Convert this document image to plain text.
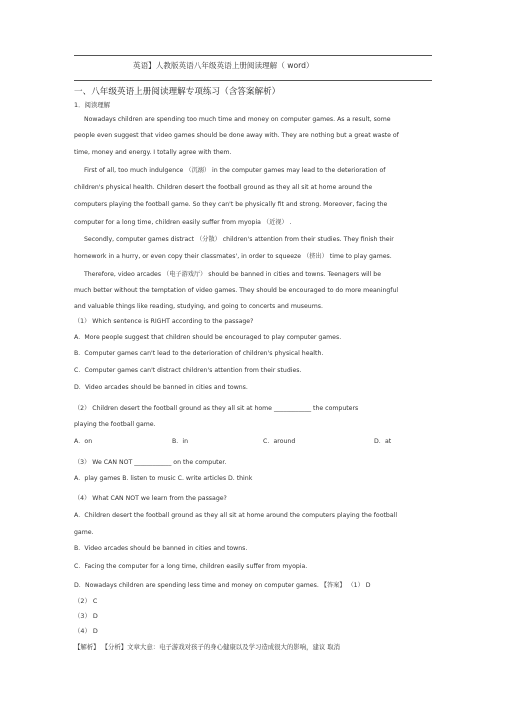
英语】人教版英语八年级英语上册阅读理解（ word）
一、八年级英语上册阅读理解专项练习（含答案解析）
1．阅读理解
Nowadays children are spending too much time and money on computer games. As a result, some
people even suggest that video games should be done away with. They are nothing but a great waste of
time, money and energy. I totally agree with them.
First of all, too much indulgence （沉溺） in the computer games may lead to the deterioration of
children's physical health. Children desert the football ground as they all sit at home around the
computers playing the football game. So they can't be physically fit and strong. Moreover, facing the
computer for a long time, children easily suffer from myopia （近视） .
Secondly, computer games distract （分散） children's attention from their studies. They finish their
homework in a hurry, or even copy their classmates', in order to squeeze （挤出） time to play games.
Therefore, video arcades （电子游戏厅） should be banned in cities and towns. Teenagers will be
much better without the temptation of video games. They should be encouraged to do more meaningful
and valuable things like reading, studying, and going to concerts and museums.
（1） Which sentence is RIGHT according to the passage?
A．More people suggest that children should be encouraged to play computer games.
B．Computer games can't lead to the deterioration of children's physical health.
C．Computer games can't distract children's attention from their studies.
D．Video arcades should be banned in cities and towns.
（2） Children desert the football ground as they all sit at home ____________ the computers
playing the football game.
A．on	B．in	C．around	D．at
（3） We CAN NOT ____________ on the computer.
A．play games B. listen to music C. write articles D. think
（4） What CAN NOT we learn from the passage?
A．Children desert the football ground as they all sit at home around the computers playing the football
game.
B．Video arcades should be banned in cities and towns.
C．Facing the computer for a long time, children easily suffer from myopia.
D．Nowadays children are spending less time and money on computer games. 【答案】 （1） D
（2） C
（3） D
（4） D
【解析】 【分析】文章大意：电子游戏对孩子的身心健康以及学习造成很大的影响，建议 取消
